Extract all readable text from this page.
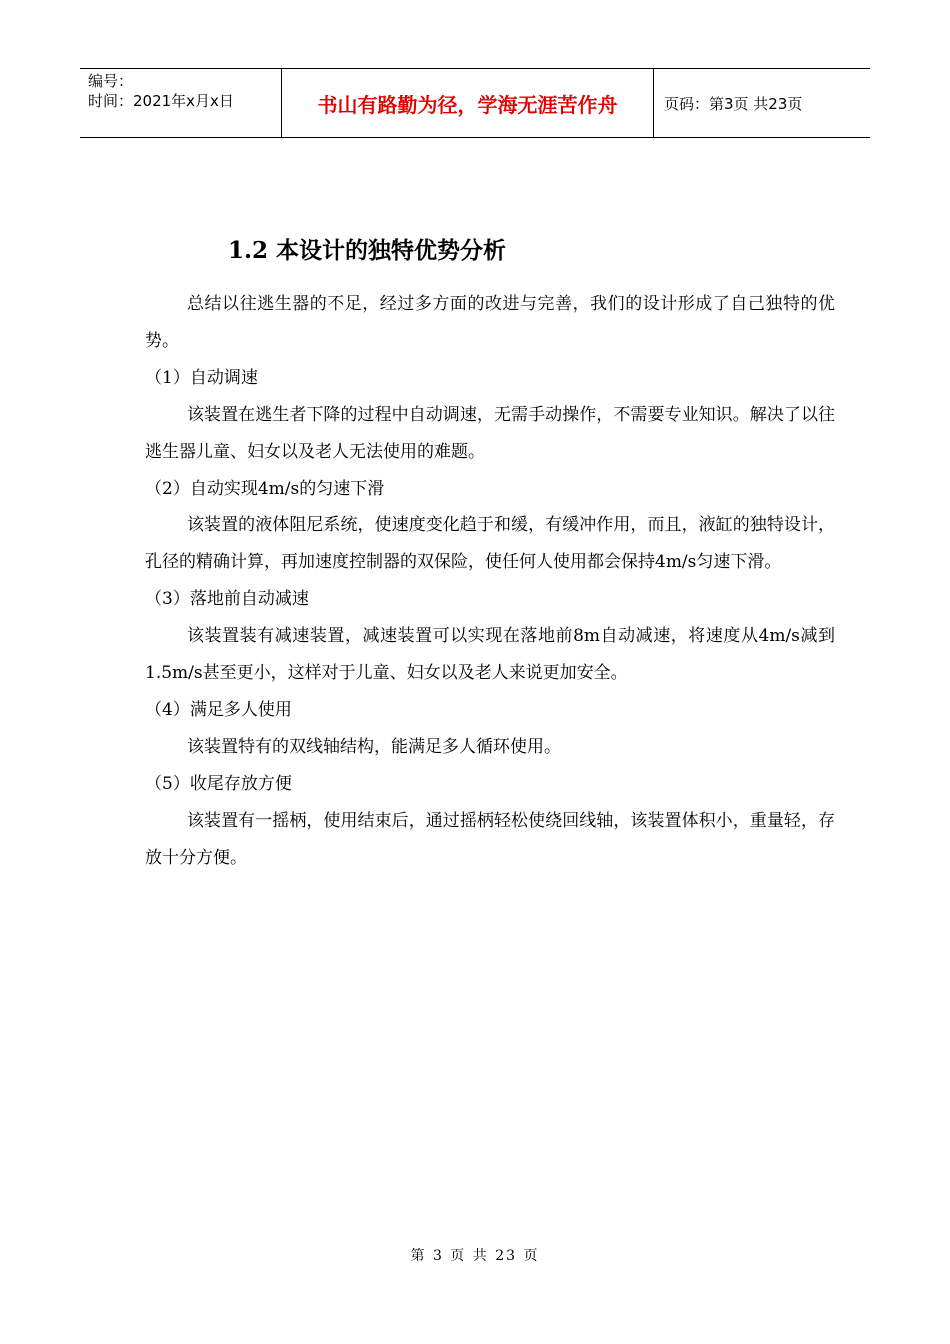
编号：
时间：2021年x月x日	书山有路勤为径，学海无涯苦作舟	页码：第3页 共23页
1.2 本设计的独特优势分析

总结以往逃生器的不足，经过多方面的改进与完善，我们的设计形成了自己独特的优势。

（1）自动调速

该装置在逃生者下降的过程中自动调速，无需手动操作，不需要专业知识。解决了以往逃生器儿童、妇女以及老人无法使用的难题。

（2）自动实现4m/s的匀速下滑

该装置的液体阻尼系统，使速度变化趋于和缓，有缓冲作用，而且，液缸的独特设计，孔径的精确计算，再加速度控制器的双保险，使任何人使用都会保持4m/s匀速下滑。

（3）落地前自动减速

该装置装有减速装置，减速装置可以实现在落地前8m自动减速，将速度从4m/s减到1.5m/s甚至更小，这样对于儿童、妇女以及老人来说更加安全。

（4）满足多人使用

该装置特有的双线轴结构，能满足多人循环使用。

（5）收尾存放方便

该装置有一摇柄，使用结束后，通过摇柄轻松使绕回线轴，该装置体积小，重量轻，存放十分方便。

第 3 页 共 23 页
